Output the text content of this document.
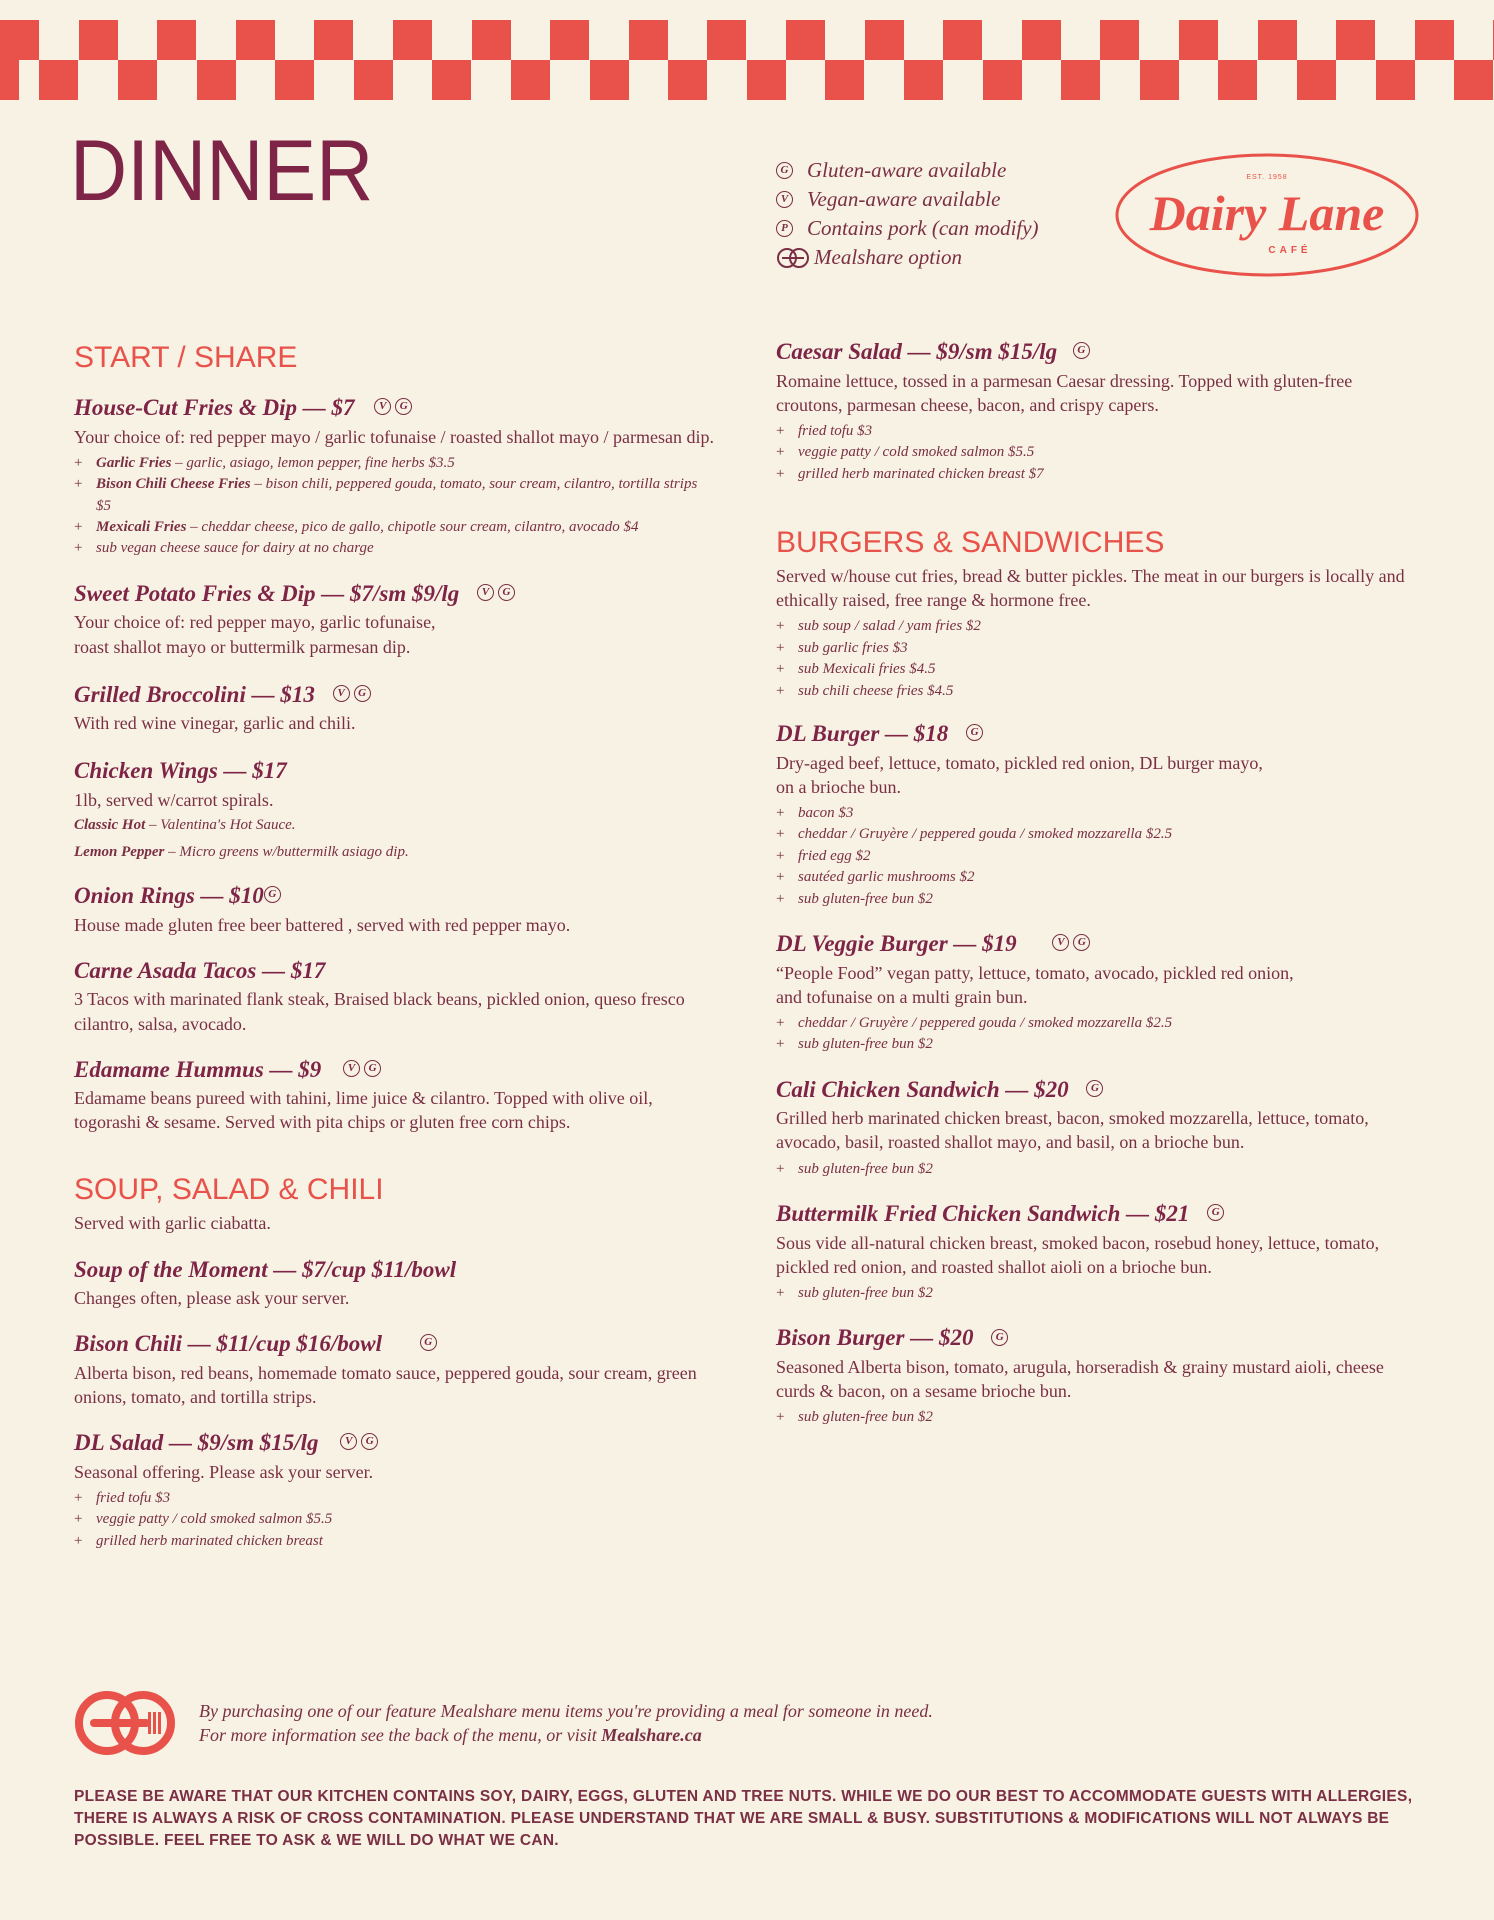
DINNER	G Gluten-aware available
V Vegan-aware available
P Contains pork (can modify)
Mealshare option
EST. 1958
Dairy Lane
CAFÉ
START / SHARE
House-Cut Fries & Dip — $7 V G

Your choice of: red pepper mayo / garlic tofunaise / roasted shallot mayo / parmesan dip.

+ Garlic Fries – garlic, asiago, lemon pepper, fine herbs $3.5
+ Bison Chili Cheese Fries – bison chili, peppered gouda, tomato, sour cream, cilantro, tortilla strips $5
+ Mexicali Fries – cheddar cheese, pico de gallo, chipotle sour cream, cilantro, avocado $4
+ sub vegan cheese sauce for dairy at no charge
Sweet Potato Fries & Dip — $7/sm $9/lg V G

Your choice of: red pepper mayo, garlic tofunaise,
roast shallot mayo or buttermilk parmesan dip.

Grilled Broccolini — $13 V G

With red wine vinegar, garlic and chili.

Chicken Wings — $17

1lb, served w/carrot spirals.

Classic Hot – Valentina's Hot Sauce.
Lemon Pepper – Micro greens w/buttermilk asiago dip.
Onion Rings — $10 G

House made gluten free beer battered , served with red pepper mayo.

Carne Asada Tacos — $17

3 Tacos with marinated flank steak, Braised black beans, pickled onion, queso fresco cilantro, salsa, avocado.

Edamame Hummus — $9 V G

Edamame beans pureed with tahini, lime juice & cilantro. Topped with olive oil, togorashi & sesame. Served with pita chips or gluten free corn chips.

SOUP, SALAD & CHILI

Served with garlic ciabatta.

Soup of the Moment — $7/cup $11/bowl

Changes often, please ask your server.

Bison Chili — $11/cup $16/bowl	G

Alberta bison, red beans, homemade tomato sauce, peppered gouda, sour cream, green onions, tomato, and tortilla strips.

DL Salad — $9/sm $15/lg V G

Seasonal offering. Please ask your server.

+ fried tofu $3
+ veggie patty / cold smoked salmon $5.5
+ grilled herb marinated chicken breast
Caesar Salad — $9/sm $15/lg G

Romaine lettuce, tossed in a parmesan Caesar dressing. Topped with gluten-free croutons, parmesan cheese, bacon, and crispy capers.

+ fried tofu $3
+ veggie patty / cold smoked salmon $5.5
+ grilled herb marinated chicken breast $7
BURGERS & SANDWICHES

Served w/house cut fries, bread & butter pickles. The meat in our burgers is locally and ethically raised, free range & hormone free.

+ sub soup / salad / yam fries $2
+ sub garlic fries $3
+ sub Mexicali fries $4.5
+ sub chili cheese fries $4.5
DL Burger — $18 G

Dry-aged beef, lettuce, tomato, pickled red onion, DL burger mayo,
on a brioche bun.

+ bacon $3
+ cheddar / Gruyère / peppered gouda / smoked mozzarella $2.5
+ fried egg $2
+ sautéed garlic mushrooms $2
+ sub gluten-free bun $2
DL Veggie Burger — $19	V G

“People Food” vegan patty, lettuce, tomato, avocado, pickled red onion,
and tofunaise on a multi grain bun.

+ cheddar / Gruyère / peppered gouda / smoked mozzarella $2.5
+ sub gluten-free bun $2
Cali Chicken Sandwich — $20 G

Grilled herb marinated chicken breast, bacon, smoked mozzarella, lettuce, tomato, avocado, basil, roasted shallot mayo, and basil, on a brioche bun.

+ sub gluten-free bun $2
Buttermilk Fried Chicken Sandwich — $21 G

Sous vide all-natural chicken breast, smoked bacon, rosebud honey, lettuce, tomato, pickled red onion, and roasted shallot aioli on a brioche bun.

+ sub gluten-free bun $2
Bison Burger — $20 G

Seasoned Alberta bison, tomato, arugula, horseradish & grainy mustard aioli, cheese curds & bacon, on a sesame brioche bun.

+ sub gluten-free bun $2
By purchasing one of our feature Mealshare menu items you're providing a meal for someone in need. For more information see the back of the menu, or visit Mealshare.ca
PLEASE BE AWARE THAT OUR KITCHEN CONTAINS SOY, DAIRY, EGGS, GLUTEN AND TREE NUTS. WHILE WE DO OUR BEST TO ACCOMMODATE GUESTS WITH ALLERGIES, THERE IS ALWAYS A RISK OF CROSS CONTAMINATION. PLEASE UNDERSTAND THAT WE ARE SMALL & BUSY. SUBSTITUTIONS & MODIFICATIONS WILL NOT ALWAYS BE POSSIBLE. FEEL FREE TO ASK & WE WILL DO WHAT WE CAN.
